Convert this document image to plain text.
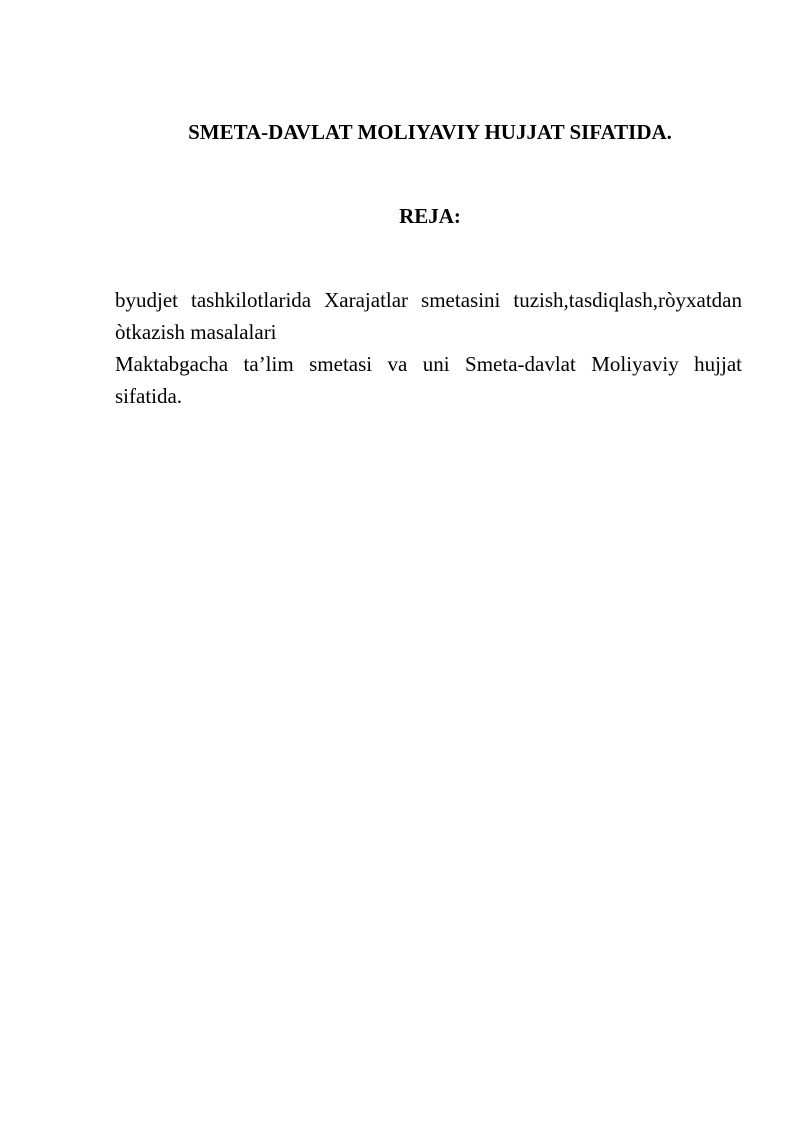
SMETA-DAVLAT MOLIYAVIY HUJJAT SIFATIDA.
REJA:
byudjet tashkilotlarida Xarajatlar smetasini tuzish,tasdiqlash,ròyxatdan òtkazish masalalari
Maktabgacha ta’lim smetasi va uni Smeta-davlat Moliyaviy hujjat sifatida.
